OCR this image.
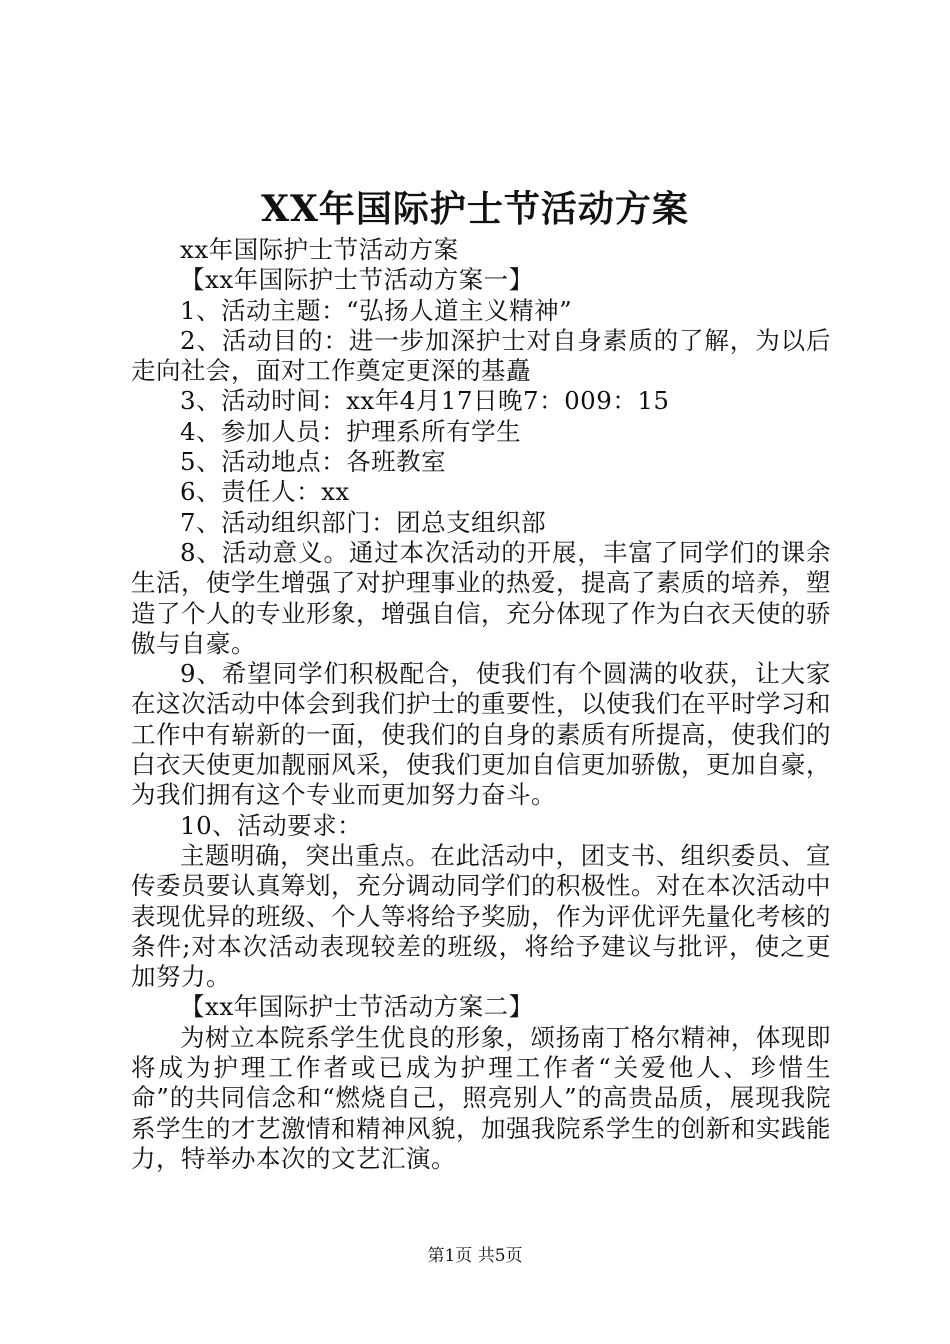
XX年国际护士节活动方案

xx年国际护士节活动方案

【xx年国际护士节活动方案一】

1、活动主题：“弘扬人道主义精神”

2、活动目的：进一步加深护士对自身素质的了解，为以后走向社会，面对工作奠定更深的基矗

3、活动时间：xx年4月17日晚7：009：15

4、参加人员：护理系所有学生

5、活动地点：各班教室

6、责任人：xx

7、活动组织部门：团总支组织部

8、活动意义。通过本次活动的开展，丰富了同学们的课余生活，使学生增强了对护理事业的热爱，提高了素质的培养，塑造了个人的专业形象，增强自信，充分体现了作为白衣天使的骄傲与自豪。

9、希望同学们积极配合，使我们有个圆满的收获，让大家在这次活动中体会到我们护士的重要性，以使我们在平时学习和工作中有崭新的一面，使我们的自身的素质有所提高，使我们的白衣天使更加靓丽风采，使我们更加自信更加骄傲，更加自豪，为我们拥有这个专业而更加努力奋斗。

10、活动要求：

主题明确，突出重点。在此活动中，团支书、组织委员、宣传委员要认真筹划，充分调动同学们的积极性。对在本次活动中表现优异的班级、个人等将给予奖励，作为评优评先量化考核的条件;对本次活动表现较差的班级，将给予建议与批评，使之更加努力。

【xx年国际护士节活动方案二】

为树立本院系学生优良的形象，颂扬南丁格尔精神，体现即将成为护理工作者或已成为护理工作者“关爱他人、珍惜生命”的共同信念和“燃烧自己，照亮别人”的高贵品质，展现我院系学生的才艺激情和精神风貌，加强我院系学生的创新和实践能力，特举办本次的文艺汇演。

第1页 共5页
